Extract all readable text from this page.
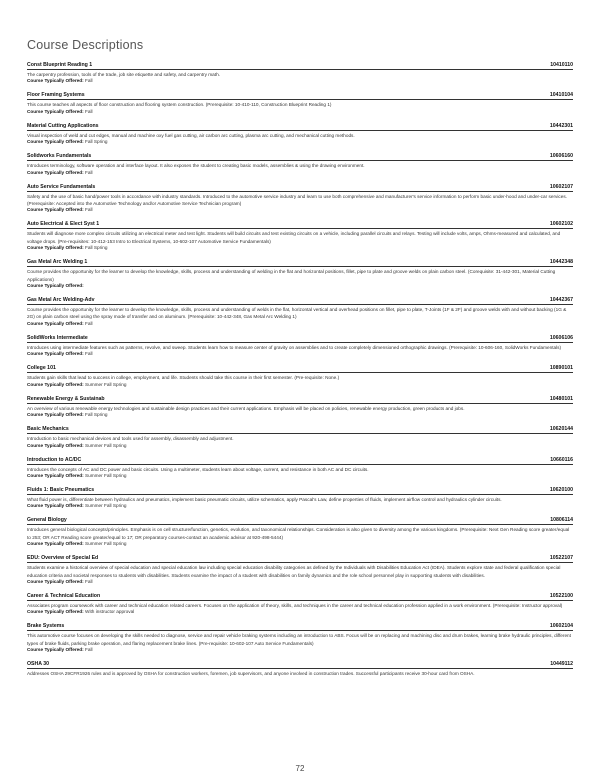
Course Descriptions
Const Blueprint Reading 1	10410110
The carpentry profession, tools of the trade, job site etiquette and safety, and carpentry math.
Course Typically Offered: Fall
Floor Framing Systems	10410104
This course teaches all aspects of floor construction and flooring system construction. (Prerequisite: 10-410-110, Construction Blueprint Reading 1)
Course Typically Offered: Fall
Material Cutting Applications	10442301
Visual inspection of weld and cut edges, manual and machine oxy fuel gas cutting, air carbon arc cutting, plasma arc cutting, and mechanical cutting methods.
Course Typically Offered: Fall Spring
Solidworks Fundamentals	10606160
Introduces terminology, software operation and interface layout. It also exposes the student to creating basic models, assemblies & using the drawing environment.
Course Typically Offered: Fall
Auto Service Fundamentals	10602107
Safety and the use of basic hand/power tools in accordance with industry standards. Introduced to the automotive service industry and learn to use both comprehensive and manufacturer's service information to perform basic under-hood and under-car services. (Prerequisite: Accepted into the Automotive Technology and/or Automotive Service Technician program)
Course Typically Offered: Fall
Auto Electrical & Elect Syst 1	10602102
Students will diagnose more complex circuits utilizing an electrical meter and test light. Students will build circuits and test existing circuits on a vehicle, including parallel circuits and relays. Testing will include volts, amps, Ohms-measured and calculated, and voltage drops. (Pre-requisites: 10-412-153 Intro to Electrical Systems, 10-602-107 Automotive Service Fundamentals)
Course Typically Offered: Fall Spring
Gas Metal Arc Welding 1	10442348
Course provides the opportunity for the learner to develop the knowledge, skills, process and understanding of welding in the flat and horizontal positions, fillet, pipe to plate and groove welds on plain carbon steel. (Corequisite: 31-442-301, Material Cutting Applications)
Course Typically Offered:
Gas Metal Arc Welding-Adv	10442367
Course provides the opportunity for the learner to develop the knowledge, skills, process and understanding of welds in the flat, horizontal vertical and overhead positions on fillet, pipe to plate, T-Joints (1F & 2F) and groove welds with and without backing (1G & 2G) on plain carbon steel using the spray mode of transfer and on aluminum. (Prerequisite: 10-442-348, Gas Metal Arc Welding 1)
Course Typically Offered: Fall
SolidWorks Intermediate	10606106
Introduces using intermediate features such as patterns, revolve, and sweep. Students learn how to measure center of gravity on assemblies and to create completely dimensioned orthographic drawings. (Prerequisite: 10-606-160, SolidWorks Fundamentals)
Course Typically Offered: Fall
College 101	10890101
Students gain skills that lead to success in college, employment, and life. Students should take this course in their first semester. (Pre-requisite: None.)
Course Typically Offered: Summer Fall Spring
Renewable Energy & Sustainab	10480101
An overview of various renewable energy technologies and sustainable design practices and their current applications. Emphasis will be placed on policies, renewable energy production, green products and jobs.
Course Typically Offered: Fall Spring
Basic Mechanics	10620144
Introduction to basic mechanical devices and tools used for assembly, disassembly and adjustment.
Course Typically Offered: Summer Fall Spring
Introduction to AC/DC	10660116
Introduces the concepts of AC and DC power and basic circuits. Using a multimeter, students learn about voltage, current, and resistance in both AC and DC circuits.
Course Typically Offered: Summer Fall Spring
Fluids 1: Basic Pneumatics	10620100
What fluid power is, differentiate between hydraulics and pneumatics, implement basic pneumatic circuits, utilize schematics, apply Pascal's Law, define properties of fluids, implement airflow control and hydraulics cylinder circuits.
Course Typically Offered: Summer Fall Spring
General Biology	10806114
Introduces general biological concepts/principles. Emphasis is on cell structure/function, genetics, evolution, and taxonomical relationships. Consideration is also given to diversity among the various kingdoms. (Prerequisite: Next Gen Reading score greater/equal to 253; OR ACT Reading score greater/equal to 17; OR preparatory courses-contact an academic advisor at 920-498-5444)
Course Typically Offered: Summer Fall Spring
EDU: Overview of Special Ed	10522107
Students examine a historical overview of special education and special education law including special education disability categories as defined by the Individuals with Disabilities Education Act (IDEA). Students explore state and federal qualification special education criteria and societal responses to students with disabilities. Students examine the impact of a student with disabilities on family dynamics and the role school personnel play in supporting students with disabilities.
Course Typically Offered: Fall
Career & Technical Education	10522100
Associates program coursework with career and technical education related careers. Focuses on the application of theory, skills, and techniques in the career and technical education profession applied in a work environment. (Prerequisite: Instructor approval)
Course Typically Offered: With instructor approval
Brake Systems	10602104
This automotive course focuses on developing the skills needed to diagnose, service and repair vehicle braking systems including an introduction to ABS. Focus will be on replacing and machining disc and drum brakes, learning brake hydraulic principles, different types of brake fluids, parking brake operation, and flaring replacement brake lines. (Pre-requisite: 10-602-107 Auto Service Fundamentals)
Course Typically Offered: Fall
OSHA 30	10449112
Addresses OSHA 29CFR1926 rules and is approved by OSHA for construction workers, foremen, job supervisors, and anyone involved in construction trades. Successful participants receive 30-hour card from OSHA.
72
